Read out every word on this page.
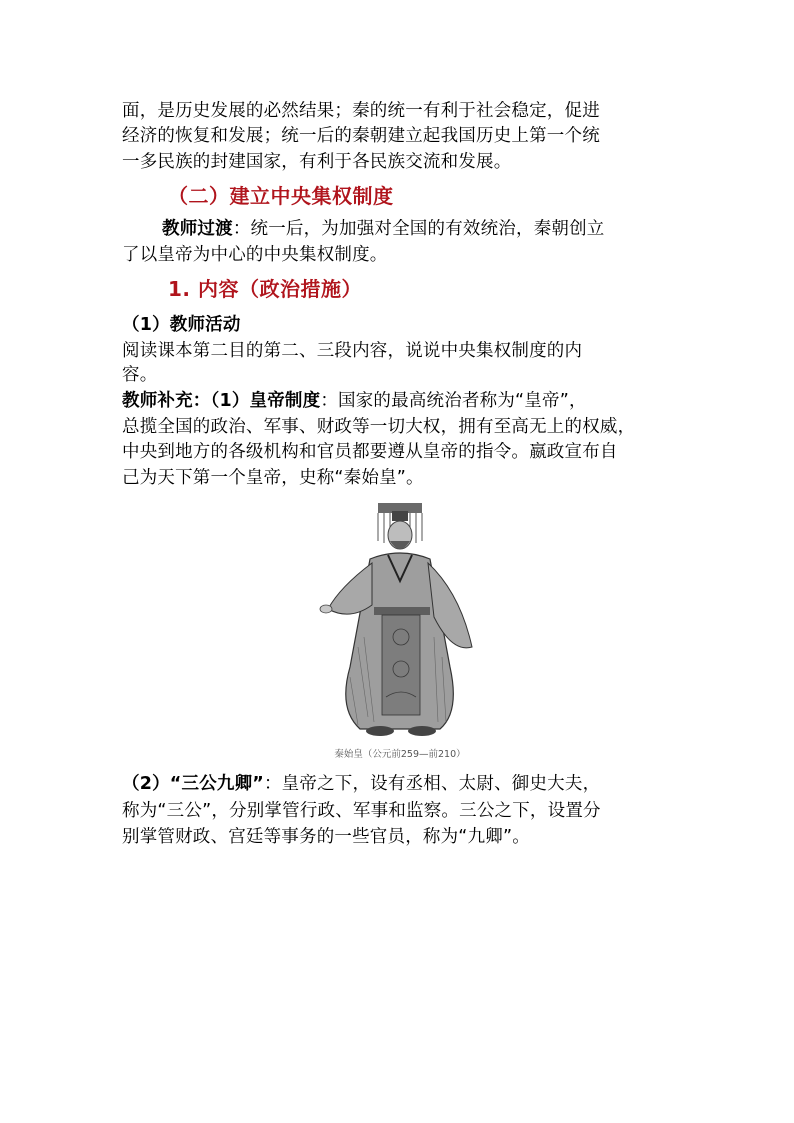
面，是历史发展的必然结果；秦的统一有利于社会稳定，促进
经济的恢复和发展；统一后的秦朝建立起我国历史上第一个统
一多民族的封建国家，有利于各民族交流和发展。
（二）建立中央集权制度
教师过渡：统一后，为加强对全国的有效统治，秦朝创立
了以皇帝为中心的中央集权制度。
1. 内容（政治措施）
（1）教师活动
阅读课本第二目的第二、三段内容，说说中央集权制度的内
容。
教师补充：（1）皇帝制度：国家的最高统治者称为“皇帝”，
总揽全国的政治、军事、财政等一切大权，拥有至高无上的权威，
中央到地方的各级机构和官员都要遵从皇帝的指令。嬴政宣布自
己为天下第一个皇帝，史称“秦始皇”。
秦始皇（公元前259—前210）
（2）“三公九卿”：皇帝之下，设有丞相、太尉、御史大夫，
称为“三公”，分别掌管行政、军事和监察。三公之下，设置分
别掌管财政、宫廷等事务的一些官员，称为“九卿”。
